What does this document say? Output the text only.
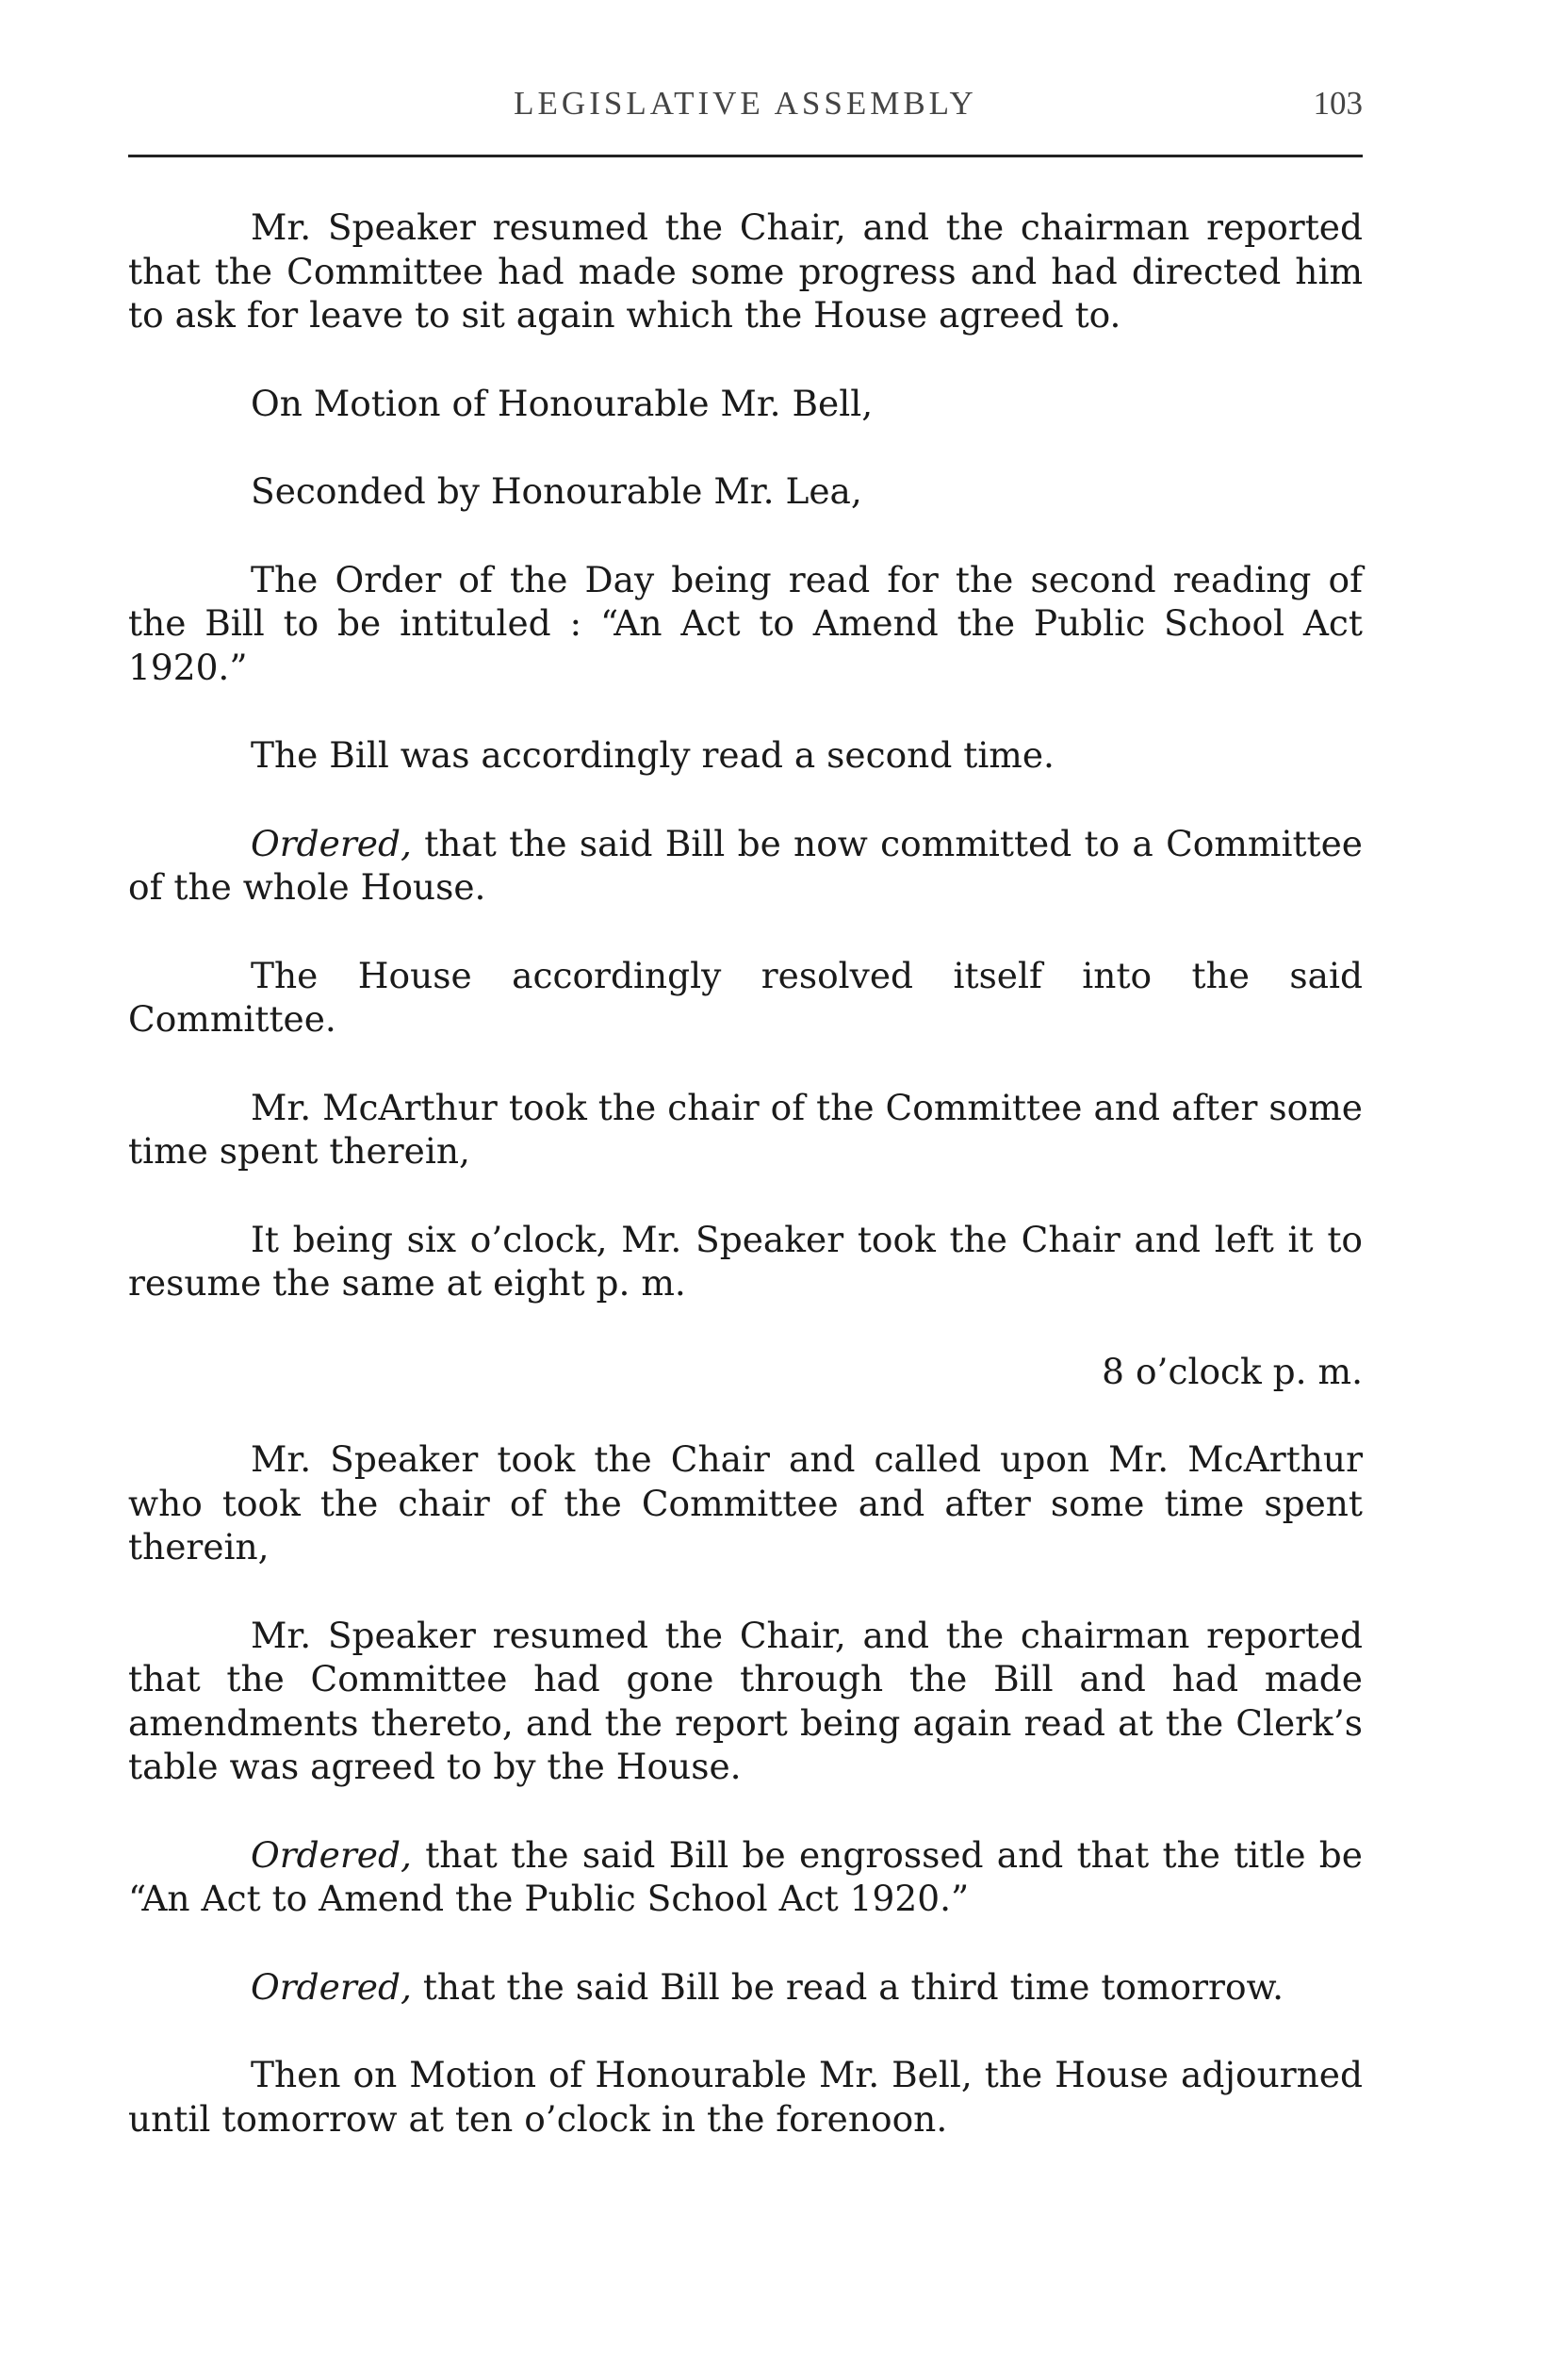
LEGISLATIVE ASSEMBLY	103

Mr. Speaker resumed the Chair, and the chairman reported that the Committee had made some progress and had directed him to ask for leave to sit again which the House agreed to.

On Motion of Honourable Mr. Bell,

Seconded by Honourable Mr. Lea,

The Order of the Day being read for the second reading of the Bill to be intituled : “An Act to Amend the Public School Act 1920.”

The Bill was accordingly read a second time.

Ordered, that the said Bill be now committed to a Committee of the whole House.

The House accordingly resolved itself into the said Committee.

Mr. McArthur took the chair of the Committee and after some time spent therein,

It being six o’clock, Mr. Speaker took the Chair and left it to resume the same at eight p. m.

8 o’clock p. m.

Mr. Speaker took the Chair and called upon Mr. McArthur who took the chair of the Committee and after some time spent therein,

Mr. Speaker resumed the Chair, and the chairman reported that the Committee had gone through the Bill and had made amendments thereto, and the report being again read at the Clerk’s table was agreed to by the House.

Ordered, that the said Bill be engrossed and that the title be “An Act to Amend the Public School Act 1920.”

Ordered, that the said Bill be read a third time tomorrow.

Then on Motion of Honourable Mr. Bell, the House adjourned until tomorrow at ten o’clock in the forenoon.
